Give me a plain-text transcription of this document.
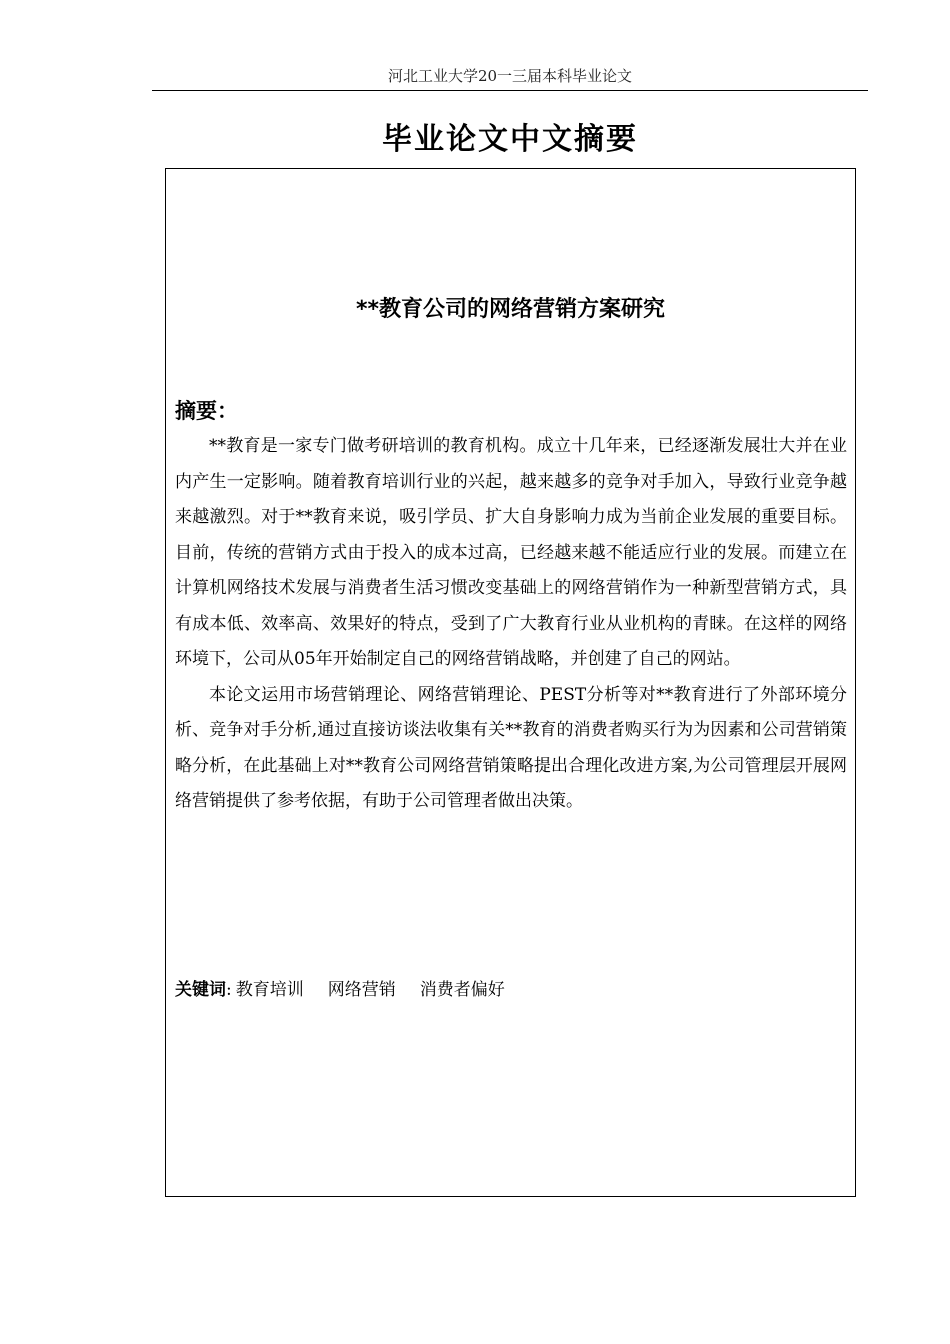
河北工业大学20一三届本科毕业论文
毕业论文中文摘要
**教育公司的网络营销方案研究
摘要：

**教育是一家专门做考研培训的教育机构。成立十几年来，已经逐渐发展壮大并在业内产生一定影响。随着教育培训行业的兴起，越来越多的竞争对手加入，导致行业竞争越来越激烈。对于**教育来说，吸引学员、扩大自身影响力成为当前企业发展的重要目标。目前，传统的营销方式由于投入的成本过高，已经越来越不能适应行业的发展。而建立在计算机网络技术发展与消费者生活习惯改变基础上的网络营销作为一种新型营销方式，具有成本低、效率高、效果好的特点，受到了广大教育行业从业机构的青睐。在这样的网络环境下，公司从05年开始制定自己的网络营销战略，并创建了自己的网站。

本论文运用市场营销理论、网络营销理论、PEST分析等对**教育进行了外部环境分析、竞争对手分析,通过直接访谈法收集有关**教育的消费者购买行为为因素和公司营销策略分析，在此基础上对**教育公司网络营销策略提出合理化改进方案,为公司管理层开展网络营销提供了参考依据，有助于公司管理者做出决策。

关键词: 教育培训 网络营销 消费者偏好
